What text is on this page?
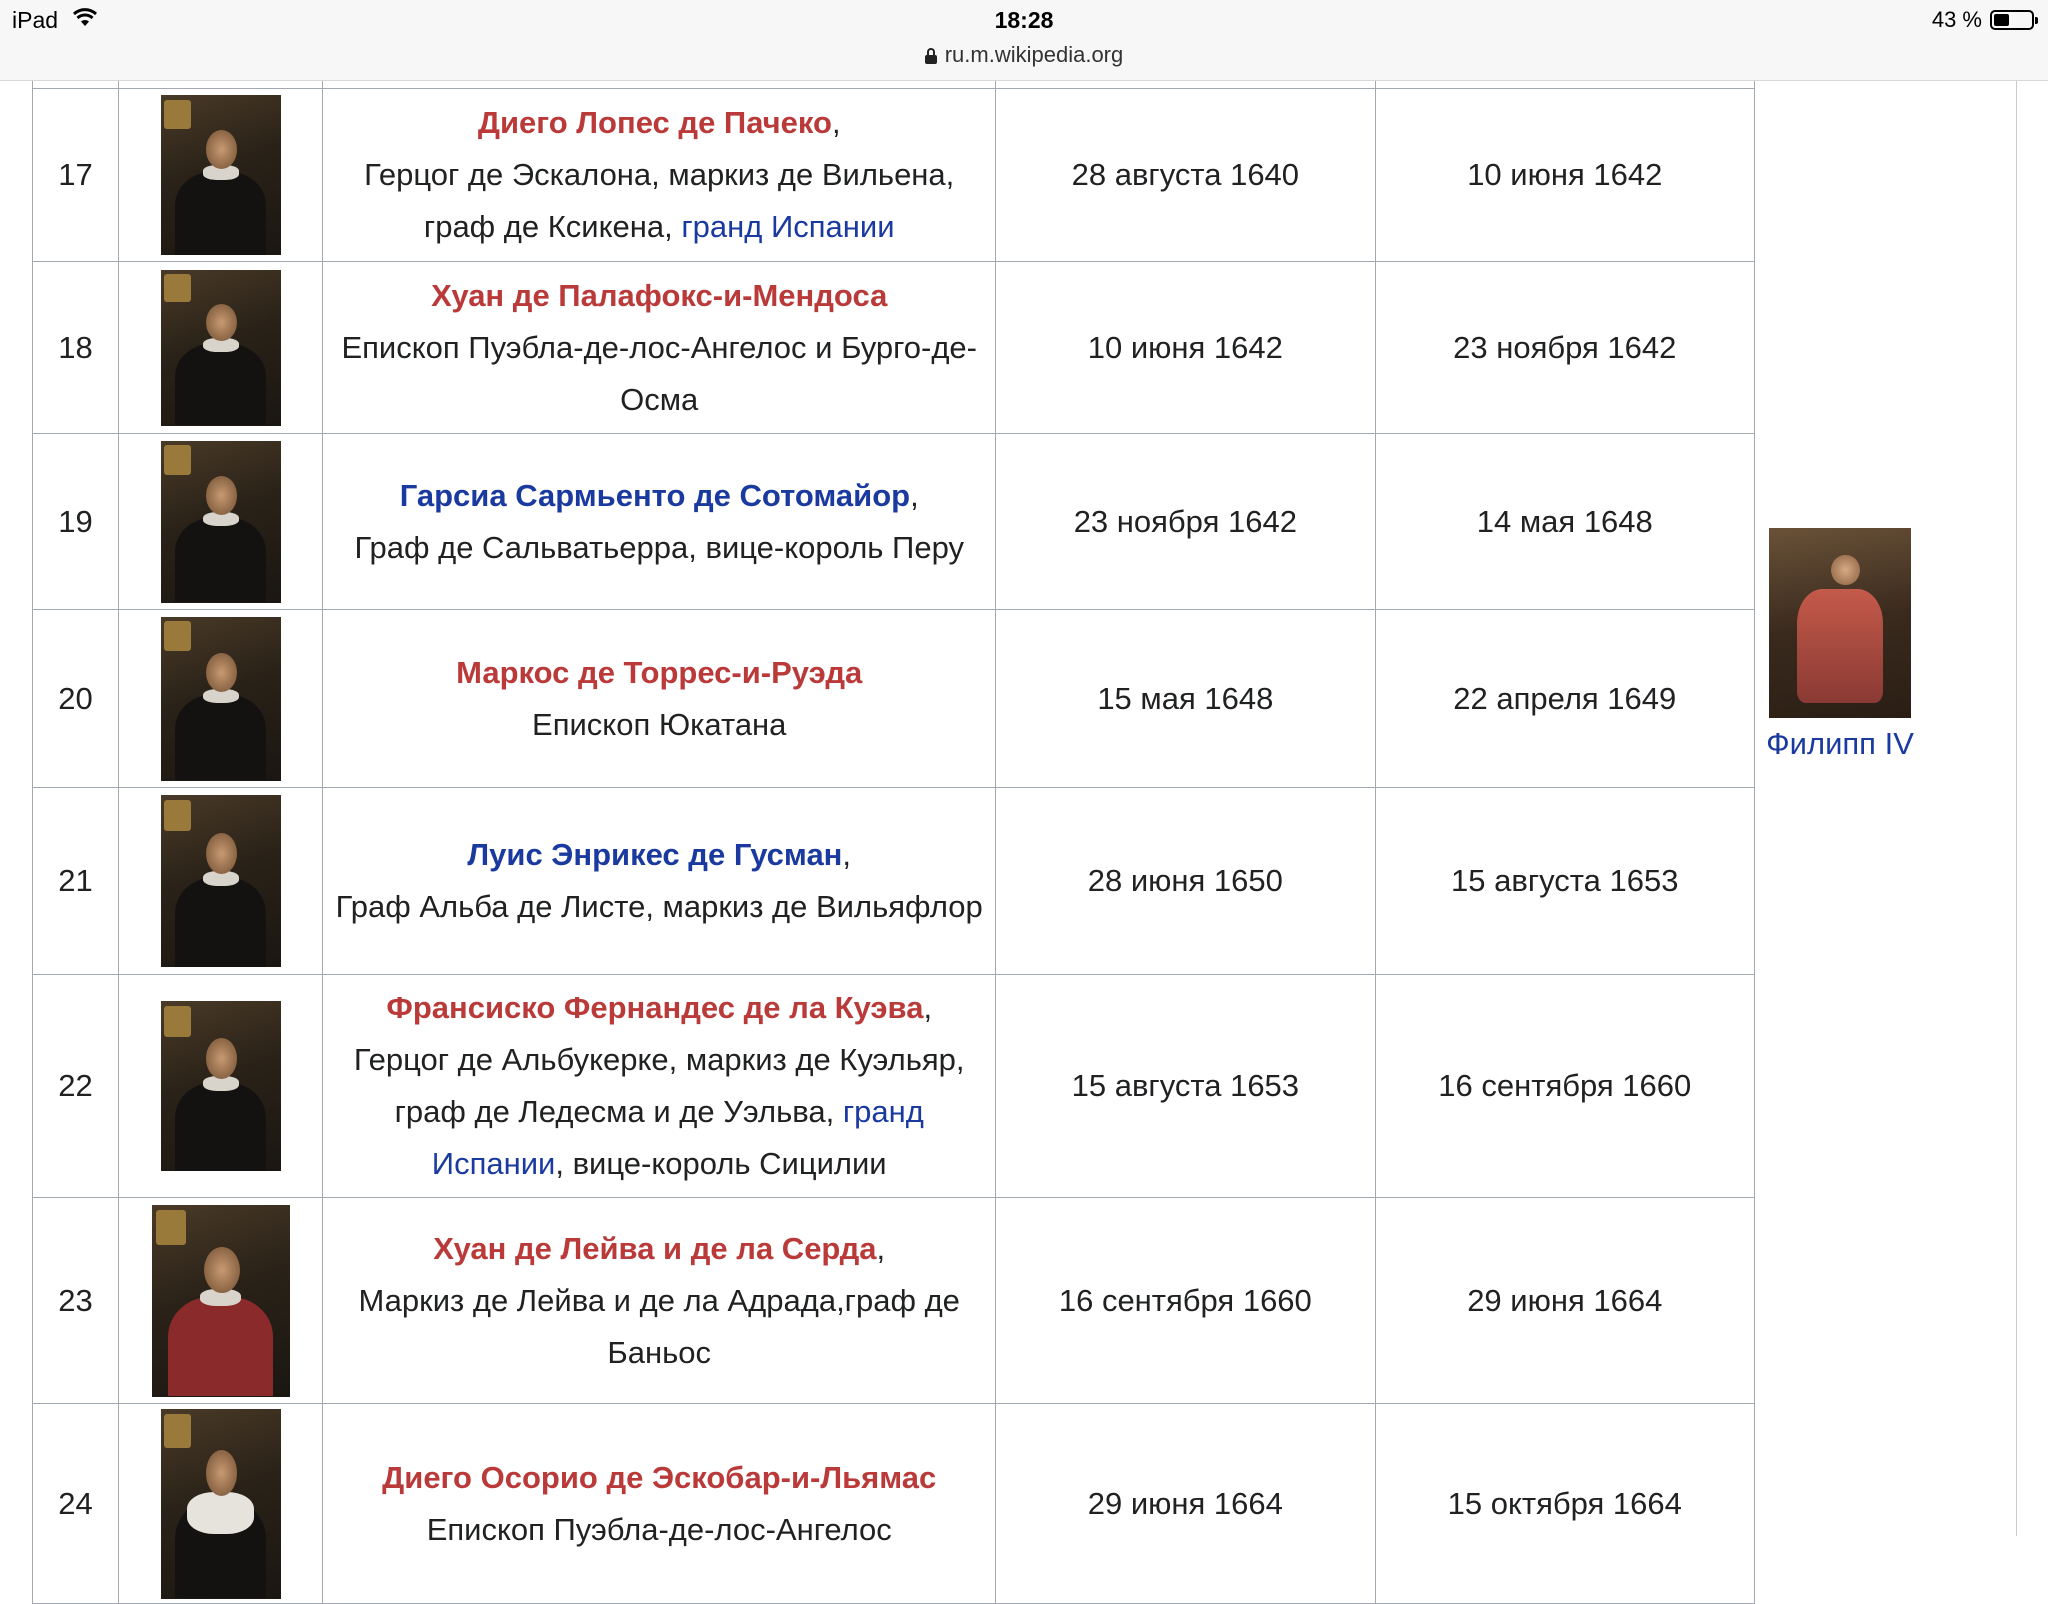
iPad	18:28	43 %
ru.m.wikipedia.org

17		Диего Лопес де Пачеко,
Герцог де Эскалона, маркиз де Вильена, граф де Ксикена, гранд Испании	28 августа 1640	10 июня 1642
18		Хуан де Палафокс-и-Мендоса
Епископ Пуэбла-де-лос-Ангелос и Бурго-де-Осма	10 июня 1642	23 ноября 1642
19		Гарсиа Сармьенто де Сотомайор,
Граф де Сальватьерра, вице-король Перу	23 ноября 1642	14 мая 1648
20		Маркос де Торрес-и-Руэда
Епископ Юкатана	15 мая 1648	22 апреля 1649
21		Луис Энрикес де Гусман,
Граф Альба де Листе, маркиз де Вильяфлор	28 июня 1650	15 августа 1653
22		Франсиско Фернандес де ла Куэва,
Герцог де Альбукерке, маркиз де Куэльяр, граф де Ледесма и де Уэльва, гранд Испании, вице-король Сицилии	15 августа 1653	16 сентября 1660
23		Хуан де Лейва и де ла Серда,
Маркиз де Лейва и де ла Адрада,граф де Баньос	16 сентября 1660	29 июня 1664
24		Диего Осорио де Эскобар-и-Льямас
Епископ Пуэбла-де-лос-Ангелос	29 июня 1664	15 октября 1664
Филипп IV
